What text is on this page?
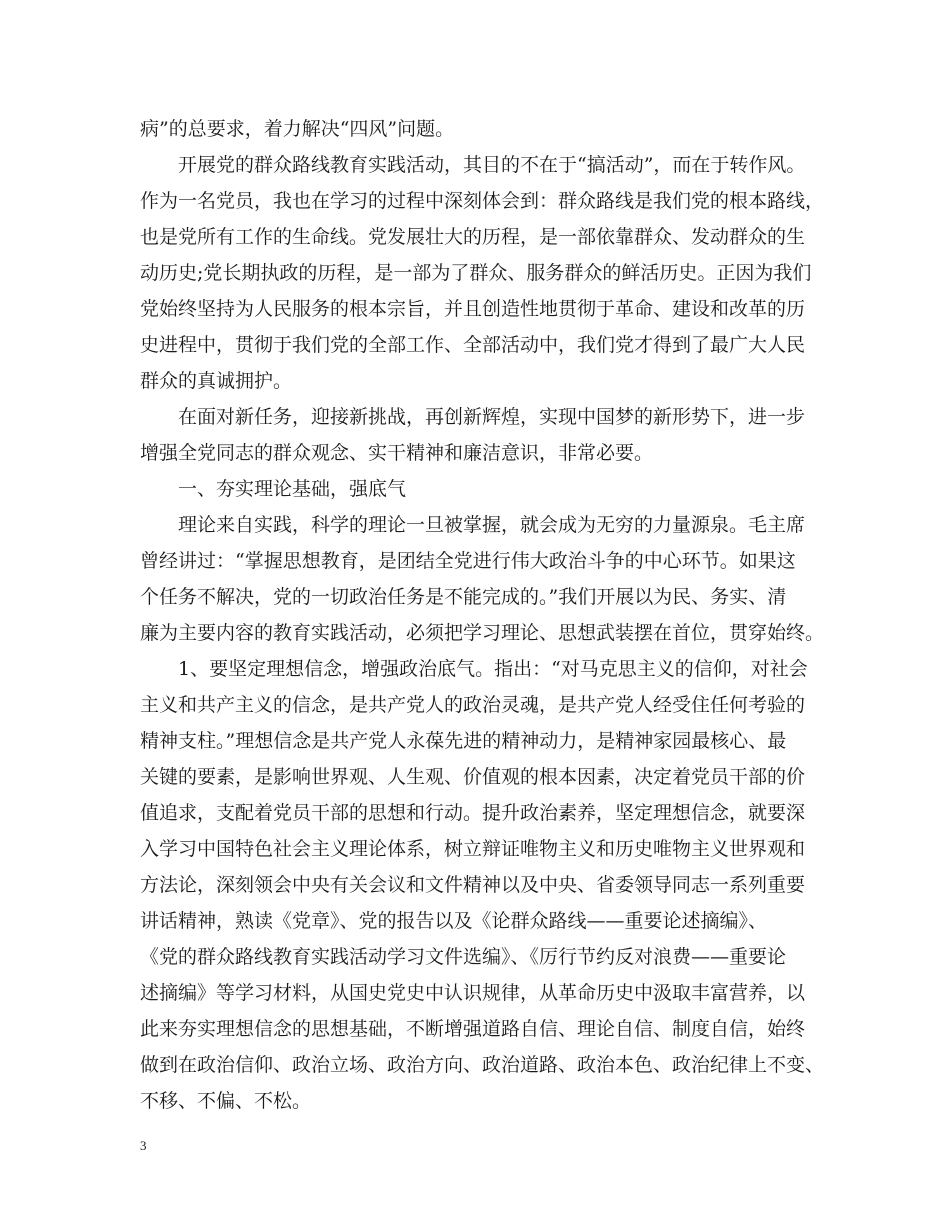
病”的总要求，着力解决“四风”问题。
　　开展党的群众路线教育实践活动，其目的不在于“搞活动”，而在于转作风。
作为一名党员，我也在学习的过程中深刻体会到：群众路线是我们党的根本路线，
也是党所有工作的生命线。党发展壮大的历程，是一部依靠群众、发动群众的生
动历史;党长期执政的历程，是一部为了群众、服务群众的鲜活历史。正因为我们
党始终坚持为人民服务的根本宗旨，并且创造性地贯彻于革命、建设和改革的历
史进程中，贯彻于我们党的全部工作、全部活动中，我们党才得到了最广大人民
群众的真诚拥护。
　　在面对新任务，迎接新挑战，再创新辉煌，实现中国梦的新形势下，进一步
增强全党同志的群众观念、实干精神和廉洁意识，非常必要。
　　一、夯实理论基础，强底气
　　理论来自实践，科学的理论一旦被掌握，就会成为无穷的力量源泉。毛主席
曾经讲过：“掌握思想教育，是团结全党进行伟大政治斗争的中心环节。如果这
个任务不解决，党的一切政治任务是不能完成的。”我们开展以为民、务实、清
廉为主要内容的教育实践活动，必须把学习理论、思想武装摆在首位，贯穿始终。
　　1、要坚定理想信念，增强政治底气。指出：“对马克思主义的信仰，对社会
主义和共产主义的信念，是共产党人的政治灵魂，是共产党人经受住任何考验的
精神支柱。”理想信念是共产党人永葆先进的精神动力，是精神家园最核心、最
关键的要素，是影响世界观、人生观、价值观的根本因素，决定着党员干部的价
值追求，支配着党员干部的思想和行动。提升政治素养，坚定理想信念，就要深
入学习中国特色社会主义理论体系，树立辩证唯物主义和历史唯物主义世界观和
方法论，深刻领会中央有关会议和文件精神以及中央、省委领导同志一系列重要
讲话精神，熟读《党章》、党的报告以及《论群众路线——重要论述摘编》、
《党的群众路线教育实践活动学习文件选编》、《厉行节约反对浪费——重要论
述摘编》等学习材料，从国史党史中认识规律，从革命历史中汲取丰富营养，以
此来夯实理想信念的思想基础，不断增强道路自信、理论自信、制度自信，始终
做到在政治信仰、政治立场、政治方向、政治道路、政治本色、政治纪律上不变、
不移、不偏、不松。
3
